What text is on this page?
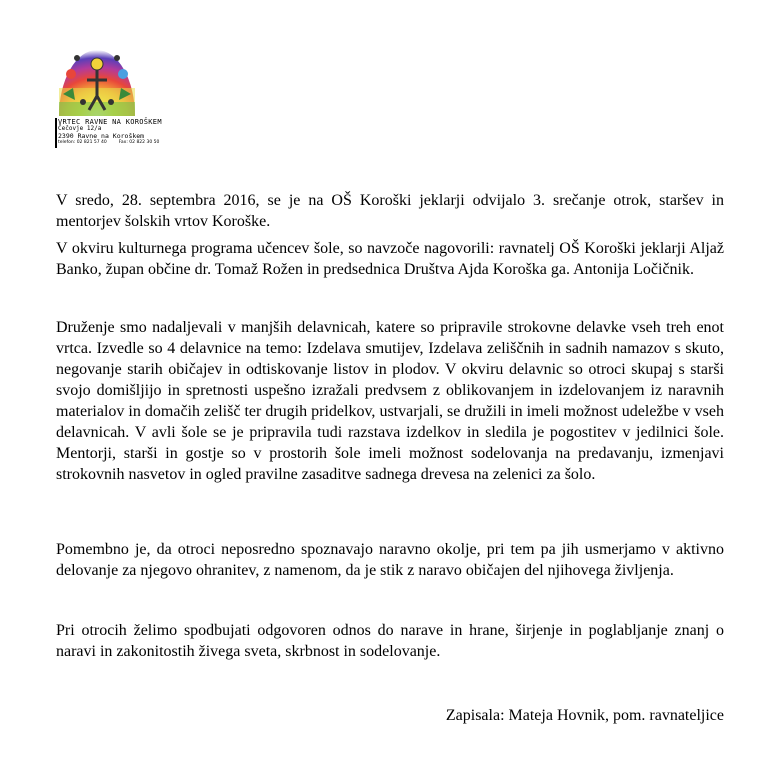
VRTEC RAVNE NA KOROŠKEM
Čečovje 12/a
2390 Ravne na Koroškem
telefon: 02 821 57 40	Fax: 02 822 30 50

V sredo, 28. septembra 2016, se je na OŠ Koroški jeklarji odvijalo 3. srečanje otrok, staršev in mentorjev šolskih vrtov Koroške.

V okviru kulturnega programa učencev šole, so navzoče nagovorili: ravnatelj OŠ Koroški jeklarji Aljaž Banko, župan občine dr. Tomaž Rožen in predsednica Društva Ajda Koroška ga. Antonija Ločičnik.

Druženje smo nadaljevali v manjših delavnicah, katere so pripravile strokovne delavke vseh treh enot vrtca. Izvedle so 4 delavnice na temo: Izdelava smutijev, Izdelava zeliščnih in sadnih namazov s skuto, negovanje starih običajev in odtiskovanje listov in plodov. V okviru delavnic so otroci skupaj s starši svojo domišljijo in spretnosti uspešno izražali predvsem z oblikovanjem in izdelovanjem iz naravnih materialov in domačih zelišč ter drugih pridelkov, ustvarjali, se družili in imeli možnost udeležbe v vseh delavnicah. V avli šole se je pripravila tudi razstava izdelkov in sledila je pogostitev v jedilnici šole. Mentorji, starši in gostje so v prostorih šole imeli možnost sodelovanja na predavanju, izmenjavi strokovnih nasvetov in ogled pravilne zasaditve sadnega drevesa na zelenici za šolo.

Pomembno je, da otroci neposredno spoznavajo naravno okolje, pri tem pa jih usmerjamo v aktivno delovanje za njegovo ohranitev, z namenom, da je stik z naravo običajen del njihovega življenja.

Pri otrocih želimo spodbujati odgovoren odnos do narave in hrane, širjenje in poglabljanje znanj o naravi in zakonitostih živega sveta, skrbnost in sodelovanje.

Zapisala: Mateja Hovnik, pom. ravnateljice
